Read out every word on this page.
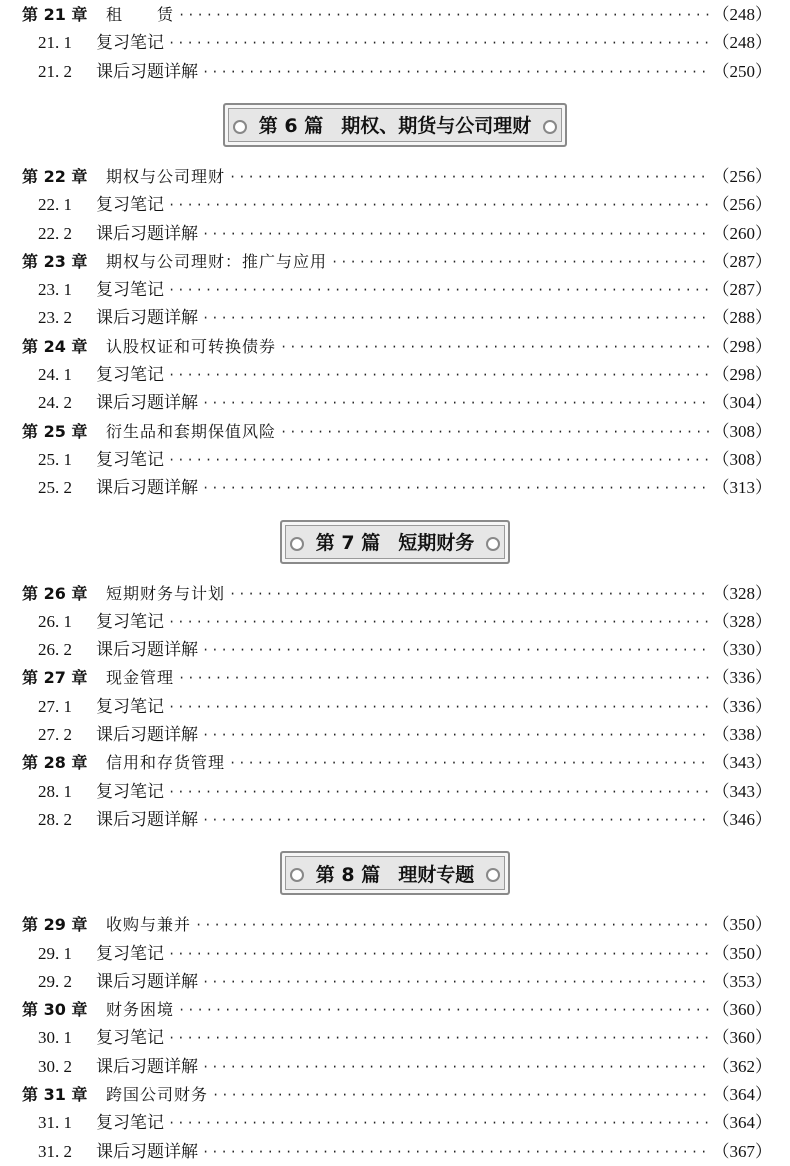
第 21 章	租　　赁 ·····	（248）
21. 1	复习笔记 ·····	（248）
21. 2	课后习题详解 ·····	（250）
第 6 篇 期权、期货与公司理财
第 22 章	期权与公司理财 ·····	（256）
22. 1	复习笔记 ·····	（256）
22. 2	课后习题详解 ·····	（260）
第 23 章	期权与公司理财：推广与应用 ·····	（287）
23. 1	复习笔记 ·····	（287）
23. 2	课后习题详解 ·····	（288）
第 24 章	认股权证和可转换债券 ·····	（298）
24. 1	复习笔记 ·····	（298）
24. 2	课后习题详解 ·····	（304）
第 25 章	衍生品和套期保值风险 ·····	（308）
25. 1	复习笔记 ·····	（308）
25. 2	课后习题详解 ·····	（313）
第 7 篇 短期财务
第 26 章	短期财务与计划 ·····	（328）
26. 1	复习笔记 ·····	（328）
26. 2	课后习题详解 ·····	（330）
第 27 章	现金管理 ·····	（336）
27. 1	复习笔记 ·····	（336）
27. 2	课后习题详解 ·····	（338）
第 28 章	信用和存货管理 ·····	（343）
28. 1	复习笔记 ·····	（343）
28. 2	课后习题详解 ·····	（346）
第 8 篇 理财专题
第 29 章	收购与兼并 ·····	（350）
29. 1	复习笔记 ·····	（350）
29. 2	课后习题详解 ·····	（353）
第 30 章	财务困境 ·····	（360）
30. 1	复习笔记 ·····	（360）
30. 2	课后习题详解 ·····	（362）
第 31 章	跨国公司财务 ·····	（364）
31. 1	复习笔记 ·····	（364）
31. 2	课后习题详解 ·····	（367）
